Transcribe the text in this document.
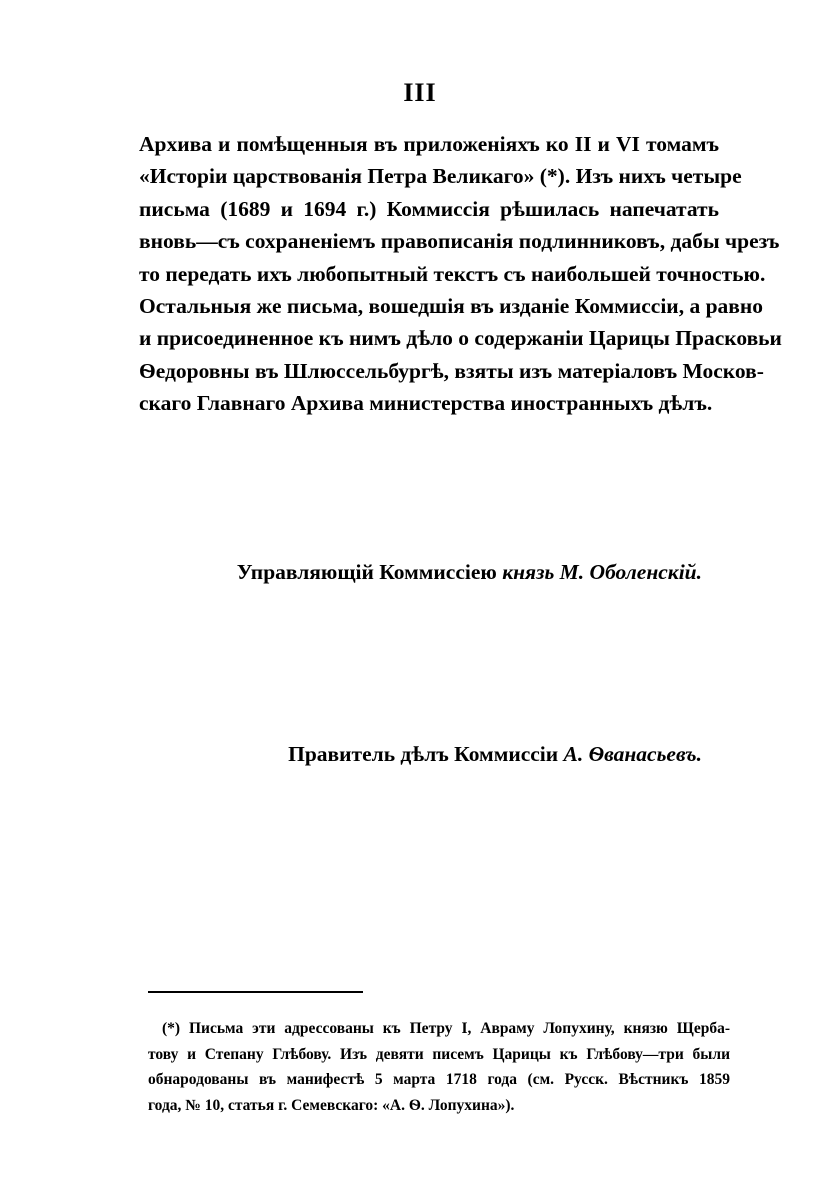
III
Архива и помѣщенныя въ приложеніяхъ ко II и VI томамъ
«Исторіи царствованія Петра Великаго» (*). Изъ нихъ четыре
письма (1689 и 1694 г.) Коммиссія рѣшилась напечатать
вновь—съ сохраненіемъ правописанія подлинниковъ, дабы чрезъ
то передать ихъ любопытный текстъ съ наибольшей точностью.
Остальныя же письма, вошедшія въ изданіе Коммиссіи, а равно
и присоединенное къ нимъ дѣло о содержаніи Царицы Прасковьи
Ѳедоровны въ Шлюссельбургѣ, взяты изъ матеріаловъ Москов-
скаго Главнаго Архива министерства иностранныхъ дѣлъ.
Управляющій Коммиссіею князь М. Оболенскій.
Правитель дѣлъ Коммиссіи А. Ѳванасьевъ.
(*) Письма эти адрессованы къ Петру I, Авраму Лопухину, князю Щерба-
тову и Степану Глѣбову. Изъ девяти писемъ Царицы къ Глѣбову—три были
обнародованы въ манифестѣ 5 марта 1718 года (см. Русск. Вѣстникъ 1859
года, № 10, статья г. Семевскаго: «А. Ѳ. Лопухина»).
